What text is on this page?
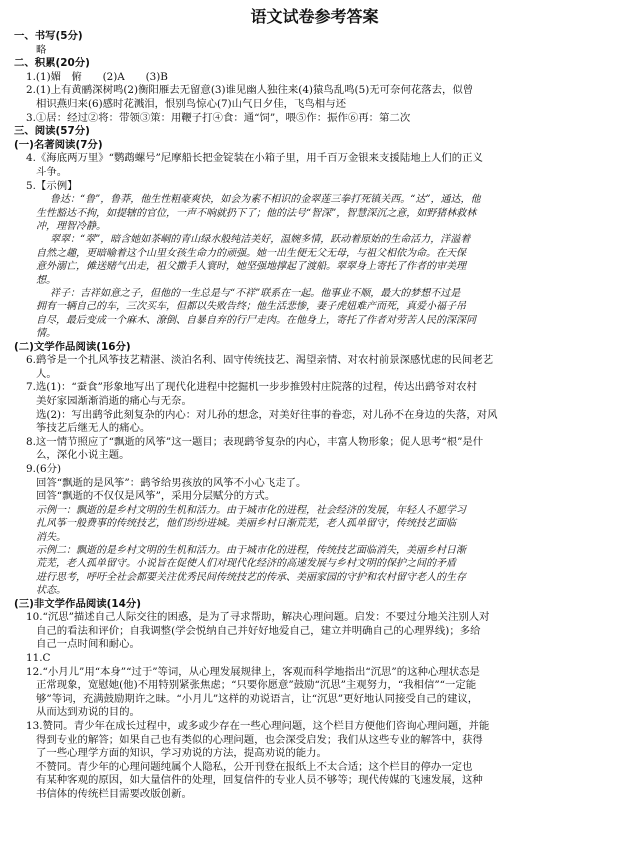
语文试卷参考答案
一、书写(5分)
略
二、积累(20分)
1.(1)媚　俯　　(2)A　　(3)B
2.(1)上有黄鹂深树鸣(2)衡阳雁去无留意(3)谁见幽人独往来(4)猿鸟乱鸣(5)无可奈何花落去，似曾
相识燕归来(6)感时花溅泪，恨别鸟惊心(7)山气日夕佳，飞鸟相与还
3.①居：经过②将：带领③策：用鞭子打④食：通“饲”，喂⑤作：振作⑥再：第二次
三、阅读(57分)
(一)名著阅读(7分)
4.《海底两万里》“鹦鹉螺号”尼摩船长把金锭装在小箱子里，用千百万金银来支援陆地上人们的正义
斗争。
5.【示例】
鲁达：“鲁”，鲁莽，他生性粗豪爽快，如会为素不相识的金翠莲三拳打死镇关西。“达”，通达，他
生性豁达不拘，如提辖的官位，一声不响就扔下了；他的法号“智深”，智慧深沉之意，如野猪林救林
冲，理智冷静。
翠翠：“翠”，暗含她如茶峒的青山绿水般纯洁美好，温婉多情，跃动着原始的生命活力，洋溢着
自然之趣，更暗喻着这个山里女孩生命力的顽强。她一出生便无父无母，与祖父相依为命。在天保
意外溺亡，傩送赌气出走，祖父撒手人寰时，她坚强地撑起了渡船。翠翠身上寄托了作者的审美理
想。
祥子：吉祥如意之子，但他的一生总是与“不祥”联系在一起。他事业不顺，最大的梦想不过是
拥有一辆自己的车，三次买车，但都以失败告终；他生活悲惨，妻子虎妞难产而死，真爱小福子吊
自尽，最后变成一个麻木、潦倒、自暴自弃的行尸走肉。在他身上，寄托了作者对劳苦人民的深深同
情。
(二)文学作品阅读(16分)
6.鹞爷是一个扎风筝技艺精湛、淡泊名利、固守传统技艺、渴望亲情、对农村前景深感忧虑的民间老艺
人。
7.选(1)：“蚕食”形象地写出了现代化进程中挖掘机一步步推毁村庄院落的过程，传达出鹞爷对农村
美好家园渐渐消逝的痛心与无奈。
选(2)：写出鹞爷此刻复杂的内心：对儿孙的想念，对美好往事的眷恋，对儿孙不在身边的失落，对风
筝技艺后继无人的痛心。
8.这一情节照应了“飘逝的风筝”这一题目；表现鹞爷复杂的内心，丰富人物形象；促人思考“根”是什
么，深化小说主题。
9.(6分)
回答“飘逝的是风筝”：鹞爷给男孩放的风筝不小心飞走了。
回答“飘逝的不仅仅是风筝”，采用分层赋分的方式。
示例一：飘逝的是乡村文明的生机和活力。由于城市化的进程，社会经济的发展，年轻人不愿学习
扎风筝一般费事的传统技艺，他们纷纷进城。美丽乡村日渐荒芜，老人孤单留守，传统技艺面临
消失。
示例二：飘逝的是乡村文明的生机和活力。由于城市化的进程，传统技艺面临消失，美丽乡村日渐
荒芜，老人孤单留守。小说旨在促使人们对现代化经济的高速发展与乡村文明的保护之间的矛盾
进行思考，呼吁全社会都要关注优秀民间传统技艺的传承、美丽家园的守护和农村留守老人的生存
状态。
(三)非文学作品阅读(14分)
10.“沉思”描述自己人际交往的困惑，是为了寻求帮助，解决心理问题。启发：不要过分地关注别人对
自己的看法和评价；自我调整(学会悦纳自己并好好地爱自己，建立并明确自己的心理界线)；多给
自己一点时间和耐心。
11.C
12.“小月儿”用“本身”“过于”等词，从心理发展规律上，客观而科学地指出“沉思”的这种心理状态是
正常现象，宽慰她(他)不用特别紧张焦虑；“只要你愿意”鼓励“沉思”主观努力，“我相信”“一定能
够”等词，充满鼓励期许之昧。“小月儿”这样的劝说语言，让“沉思”更好地认同接受自己的建议，
从而达到劝说的目的。
13.赞同。青少年在成长过程中，或多或少存在一些心理问题，这个栏目方便他们咨询心理问题，并能
得到专业的解答；如果自己也有类似的心理问题，也会深受启发；我们从这些专业的解答中，获得
了一些心理学方面的知识，学习劝说的方法，提高劝说的能力。
不赞同。青少年的心理问题纯属个人隐私，公开刊登在报纸上不太合适；这个栏目的停办一定也
有某种客观的原因，如大量信件的处理，回复信件的专业人员不够等；现代传媒的飞速发展，这种
书信体的传统栏目需要改版创新。
